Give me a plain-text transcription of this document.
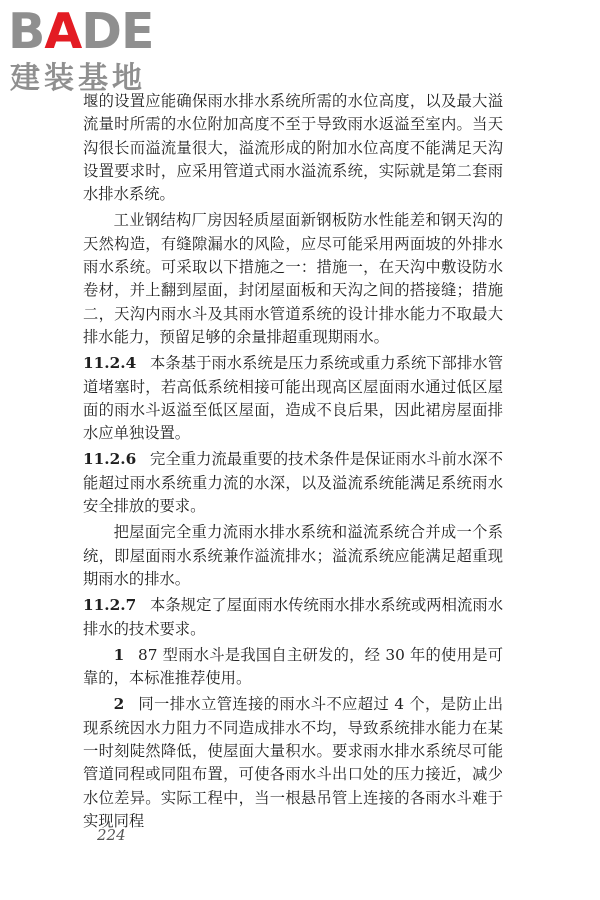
BADE
建装基地

堰的设置应能确保雨水排水系统所需的水位高度，以及最大溢流量时所需的水位附加高度不至于导致雨水返溢至室内。当天沟很长而溢流量很大，溢流形成的附加水位高度不能满足天沟设置要求时，应采用管道式雨水溢流系统，实际就是第二套雨水排水系统。

工业钢结构厂房因轻质屋面新钢板防水性能差和钢天沟的天然构造，有缝隙漏水的风险，应尽可能采用两面坡的外排水雨水系统。可采取以下措施之一：措施一，在天沟中敷设防水卷材，并上翻到屋面，封闭屋面板和天沟之间的搭接缝；措施二，天沟内雨水斗及其雨水管道系统的设计排水能力不取最大排水能力，预留足够的余量排超重现期雨水。

11.2.4 本条基于雨水系统是压力系统或重力系统下部排水管道堵塞时，若高低系统相接可能出现高区屋面雨水通过低区屋面的雨水斗返溢至低区屋面，造成不良后果，因此裙房屋面排水应单独设置。

11.2.6 完全重力流最重要的技术条件是保证雨水斗前水深不能超过雨水系统重力流的水深，以及溢流系统能满足系统雨水安全排放的要求。

把屋面完全重力流雨水排水系统和溢流系统合并成一个系统，即屋面雨水系统兼作溢流排水；溢流系统应能满足超重现期雨水的排水。

11.2.7 本条规定了屋面雨水传统雨水排水系统或两相流雨水排水的技术要求。

1 87 型雨水斗是我国自主研发的，经 30 年的使用是可靠的，本标准推荐使用。

2 同一排水立管连接的雨水斗不应超过 4 个，是防止出现系统因水力阻力不同造成排水不均，导致系统排水能力在某一时刻陡然降低，使屋面大量积水。要求雨水排水系统尽可能管道同程或同阻布置，可使各雨水斗出口处的压力接近，减少水位差异。实际工程中，当一根悬吊管上连接的各雨水斗难于实现同程

224
